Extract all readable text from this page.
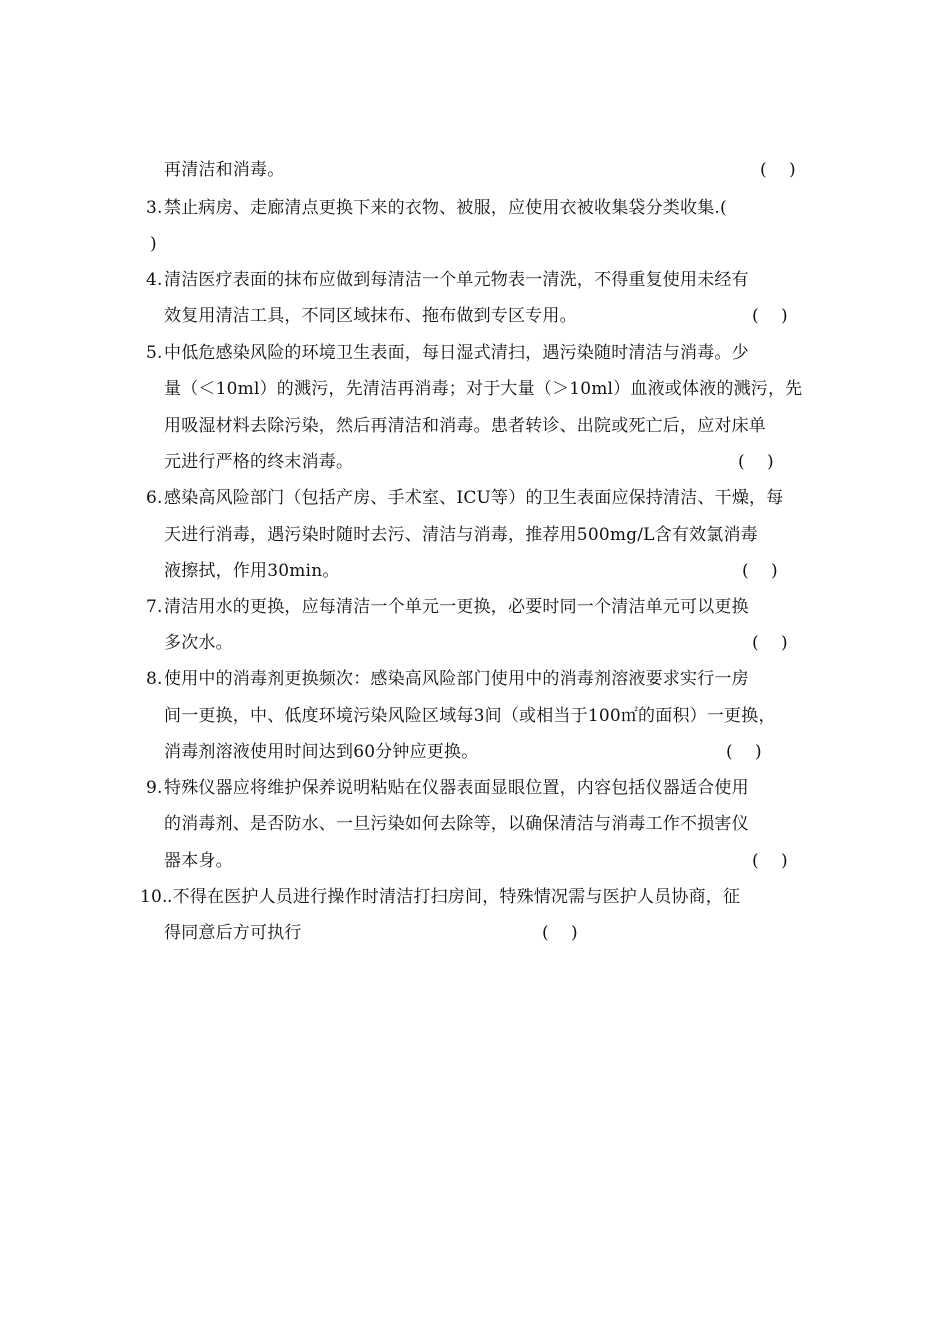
再清洁和消毒。	(　 )
3. 禁止病房、走廊清点更换下来的衣物、被服，应使用衣被收集袋分类收集.(
)
4. 清洁医疗表面的抹布应做到每清洁一个单元物表一清洗，不得重复使用未经有
效复用清洁工具，不同区域抹布、拖布做到专区专用。	(　 )
5. 中低危感染风险的环境卫生表面，每日湿式清扫，遇污染随时清洁与消毒。少
量（＜10ml）的溅污，先清洁再消毒；对于大量（＞10ml）血液或体液的溅污，先
用吸湿材料去除污染，然后再清洁和消毒。患者转诊、出院或死亡后，应对床单
元进行严格的终末消毒。	(　 )
6. 感染高风险部门（包括产房、手术室、ICU等）的卫生表面应保持清洁、干燥，每
天进行消毒，遇污染时随时去污、清洁与消毒，推荐用500mg/L含有效氯消毒
液擦拭，作用30min。	(　 )
7. 清洁用水的更换，应每清洁一个单元一更换，必要时同一个清洁单元可以更换
多次水。	(　 )
8. 使用中的消毒剂更换频次：感染高风险部门使用中的消毒剂溶液要求实行一房
间一更换，中、低度环境污染风险区域每3间（或相当于100㎡的面积）一更换，
消毒剂溶液使用时间达到60分钟应更换。	(　 )
9. 特殊仪器应将维护保养说明粘贴在仪器表面显眼位置，内容包括仪器适合使用
的消毒剂、是否防水、一旦污染如何去除等，以确保清洁与消毒工作不损害仪
器本身。	(　 )
10. .不得在医护人员进行操作时清洁打扫房间，特殊情况需与医护人员协商，征
得同意后方可执行	(　 )
